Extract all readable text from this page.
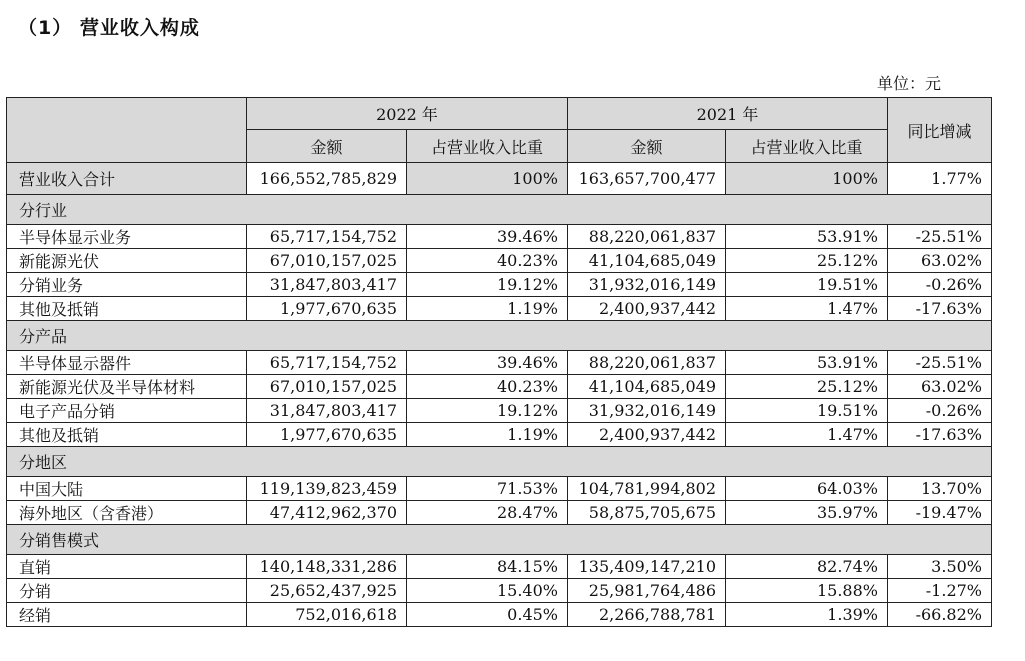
（1） 营业收入构成
单位：元
	2022 年		2021 年		同比增减
	金额	占营业收入比重	金额	占营业收入比重	
营业收入合计	166,552,785,829	100%	163,657,700,477	100%	1.77%
分行业					
半导体显示业务	65,717,154,752	39.46%	88,220,061,837	53.91%	-25.51%
新能源光伏	67,010,157,025	40.23%	41,104,685,049	25.12%	63.02%
分销业务	31,847,803,417	19.12%	31,932,016,149	19.51%	-0.26%
其他及抵销	1,977,670,635	1.19%	2,400,937,442	1.47%	-17.63%
分产品					
半导体显示器件	65,717,154,752	39.46%	88,220,061,837	53.91%	-25.51%
新能源光伏及半导体材料	67,010,157,025	40.23%	41,104,685,049	25.12%	63.02%
电子产品分销	31,847,803,417	19.12%	31,932,016,149	19.51%	-0.26%
其他及抵销	1,977,670,635	1.19%	2,400,937,442	1.47%	-17.63%
分地区					
中国大陆	119,139,823,459	71.53%	104,781,994,802	64.03%	13.70%
海外地区（含香港）	47,412,962,370	28.47%	58,875,705,675	35.97%	-19.47%
分销售模式					
直销	140,148,331,286	84.15%	135,409,147,210	82.74%	3.50%
分销	25,652,437,925	15.40%	25,981,764,486	15.88%	-1.27%
经销	752,016,618	0.45%	2,266,788,781	1.39%	-66.82%
